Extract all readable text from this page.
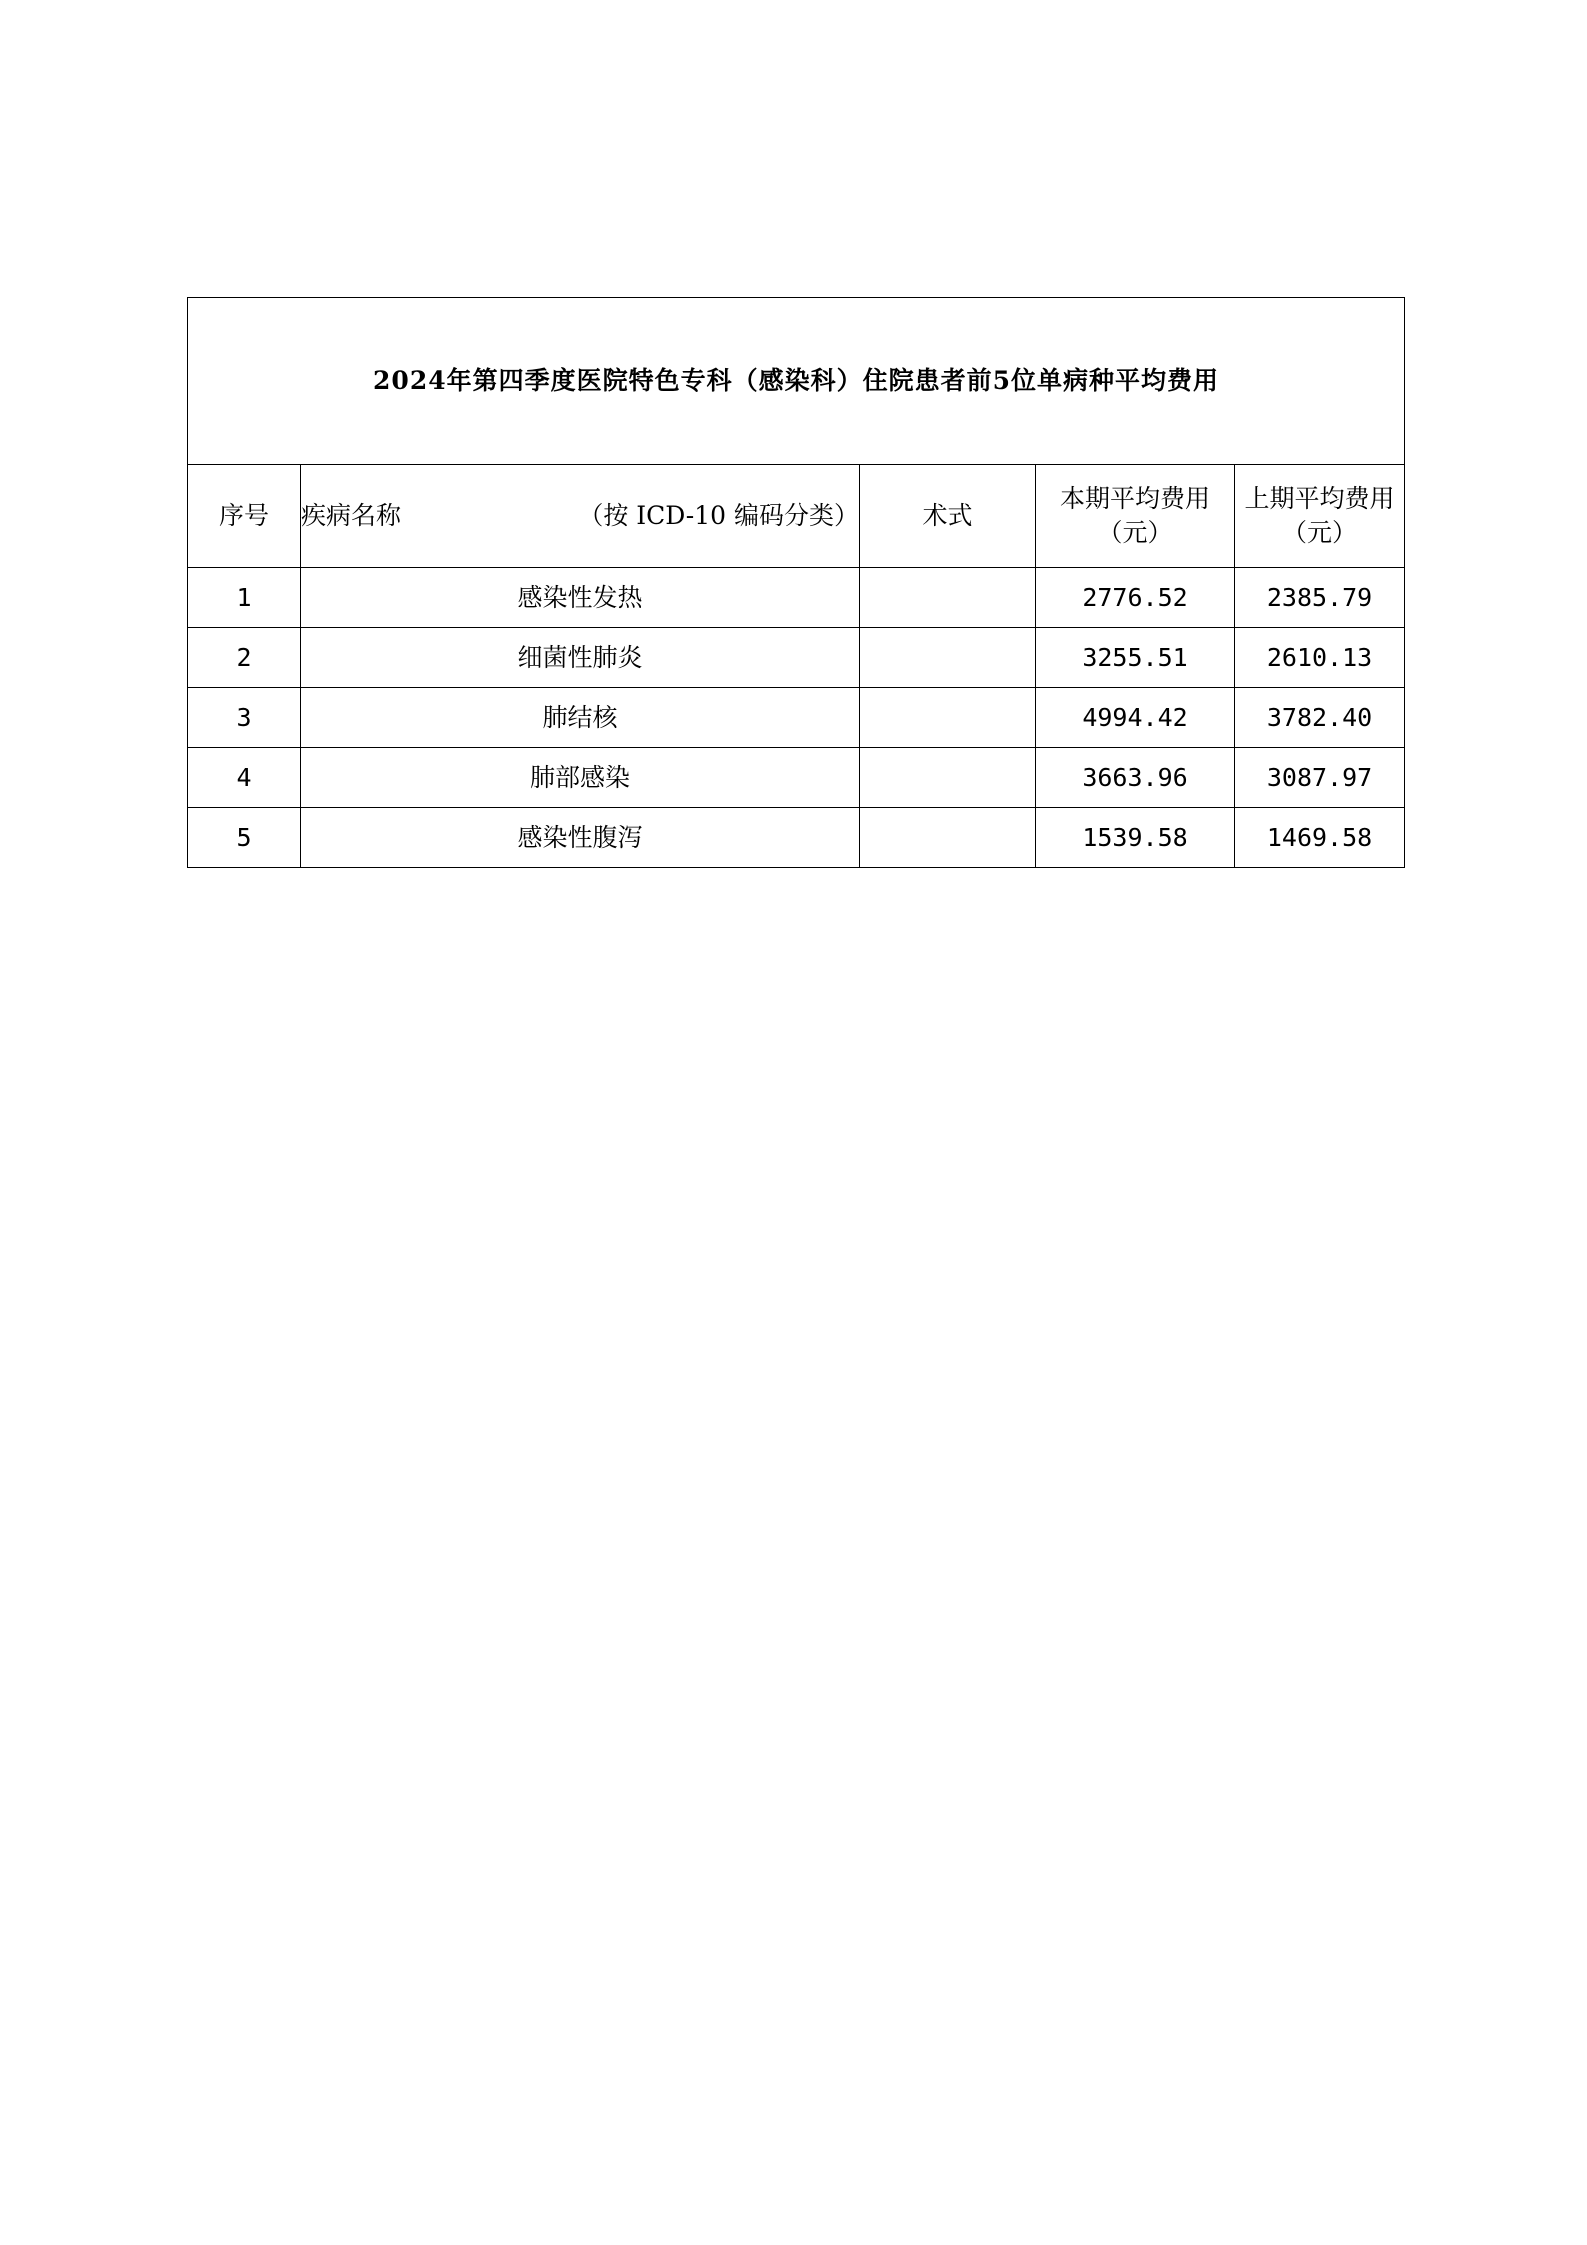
2024年第四季度医院特色专科（感染科）住院患者前5位单病种平均费用				
序号	疾病名称 （按 ICD-10 编码分类）	术式	本期平均费用（元）	上期平均费用（元）
1	感染性发热		2776.52	2385.79
2	细菌性肺炎		3255.51	2610.13
3	肺结核		4994.42	3782.40
4	肺部感染		3663.96	3087.97
5	感染性腹泻		1539.58	1469.58
